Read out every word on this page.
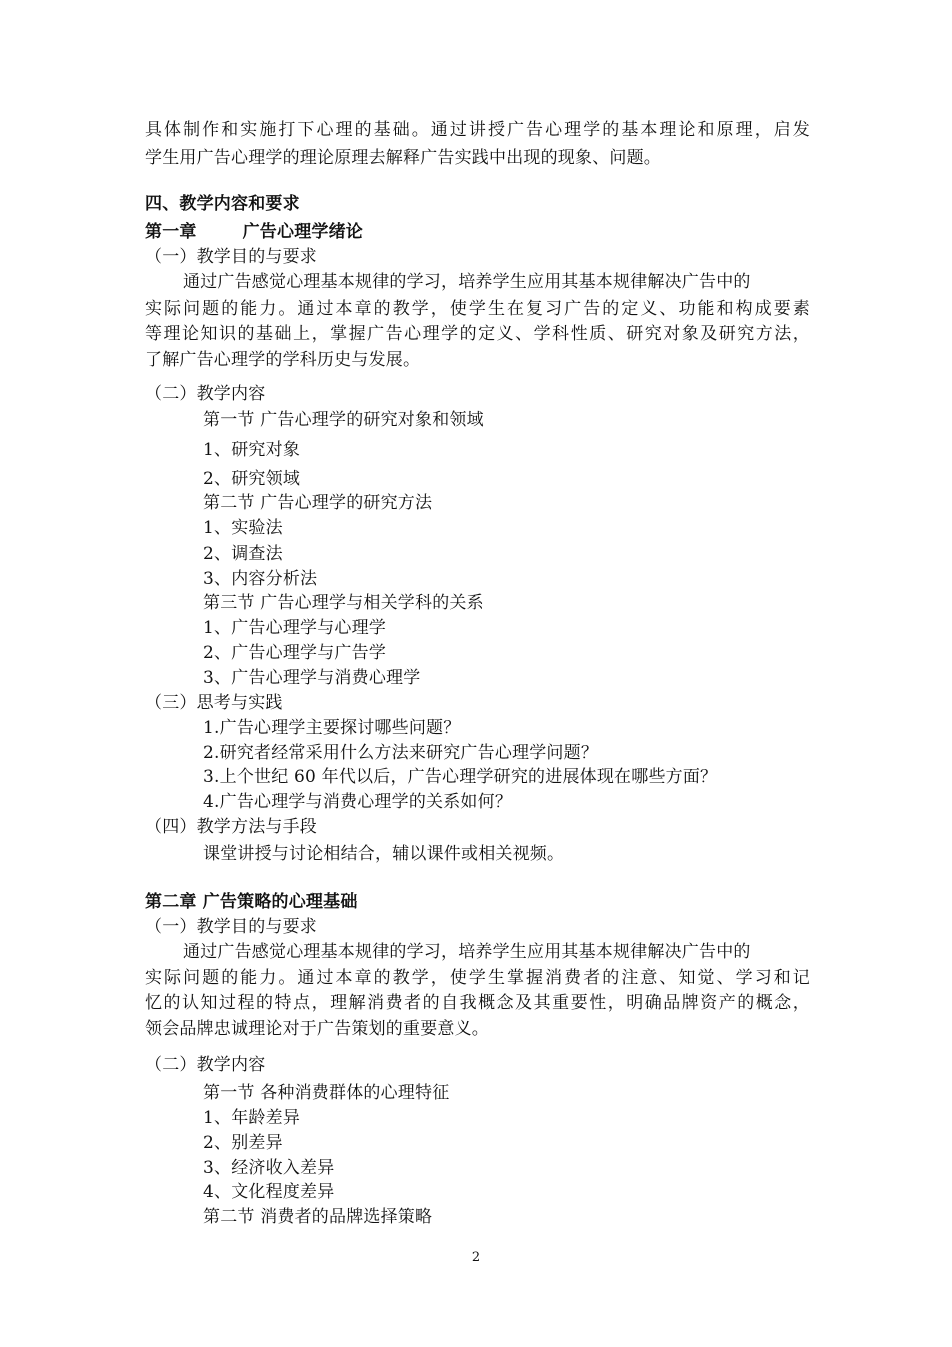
具体制作和实施打下心理的基础。通过讲授广告心理学的基本理论和原理，启发
学生用广告心理学的理论原理去解释广告实践中出现的现象、问题。
四、教学内容和要求
第一章	广告心理学绪论
（一）教学目的与要求
通过广告感觉心理基本规律的学习，培养学生应用其基本规律解决广告中的
实际问题的能力。通过本章的教学，使学生在复习广告的定义、功能和构成要素
等理论知识的基础上，掌握广告心理学的定义、学科性质、研究对象及研究方法，
了解广告心理学的学科历史与发展。
（二）教学内容
第一节 广告心理学的研究对象和领域
1、研究对象
2、研究领域
第二节 广告心理学的研究方法
1、实验法
2、调查法
3、内容分析法
第三节 广告心理学与相关学科的关系
1、广告心理学与心理学
2、广告心理学与广告学
3、广告心理学与消费心理学
（三）思考与实践
1.广告心理学主要探讨哪些问题？
2.研究者经常采用什么方法来研究广告心理学问题？
3.上个世纪 60 年代以后，广告心理学研究的进展体现在哪些方面？
4.广告心理学与消费心理学的关系如何？
（四）教学方法与手段
课堂讲授与讨论相结合，辅以课件或相关视频。
第二章 广告策略的心理基础
（一）教学目的与要求
通过广告感觉心理基本规律的学习，培养学生应用其基本规律解决广告中的
实际问题的能力。通过本章的教学，使学生掌握消费者的注意、知觉、学习和记
忆的认知过程的特点，理解消费者的自我概念及其重要性，明确品牌资产的概念，
领会品牌忠诚理论对于广告策划的重要意义。
（二）教学内容
第一节 各种消费群体的心理特征
1、年龄差异
2、别差异
3、经济收入差异
4、文化程度差异
第二节 消费者的品牌选择策略
2
